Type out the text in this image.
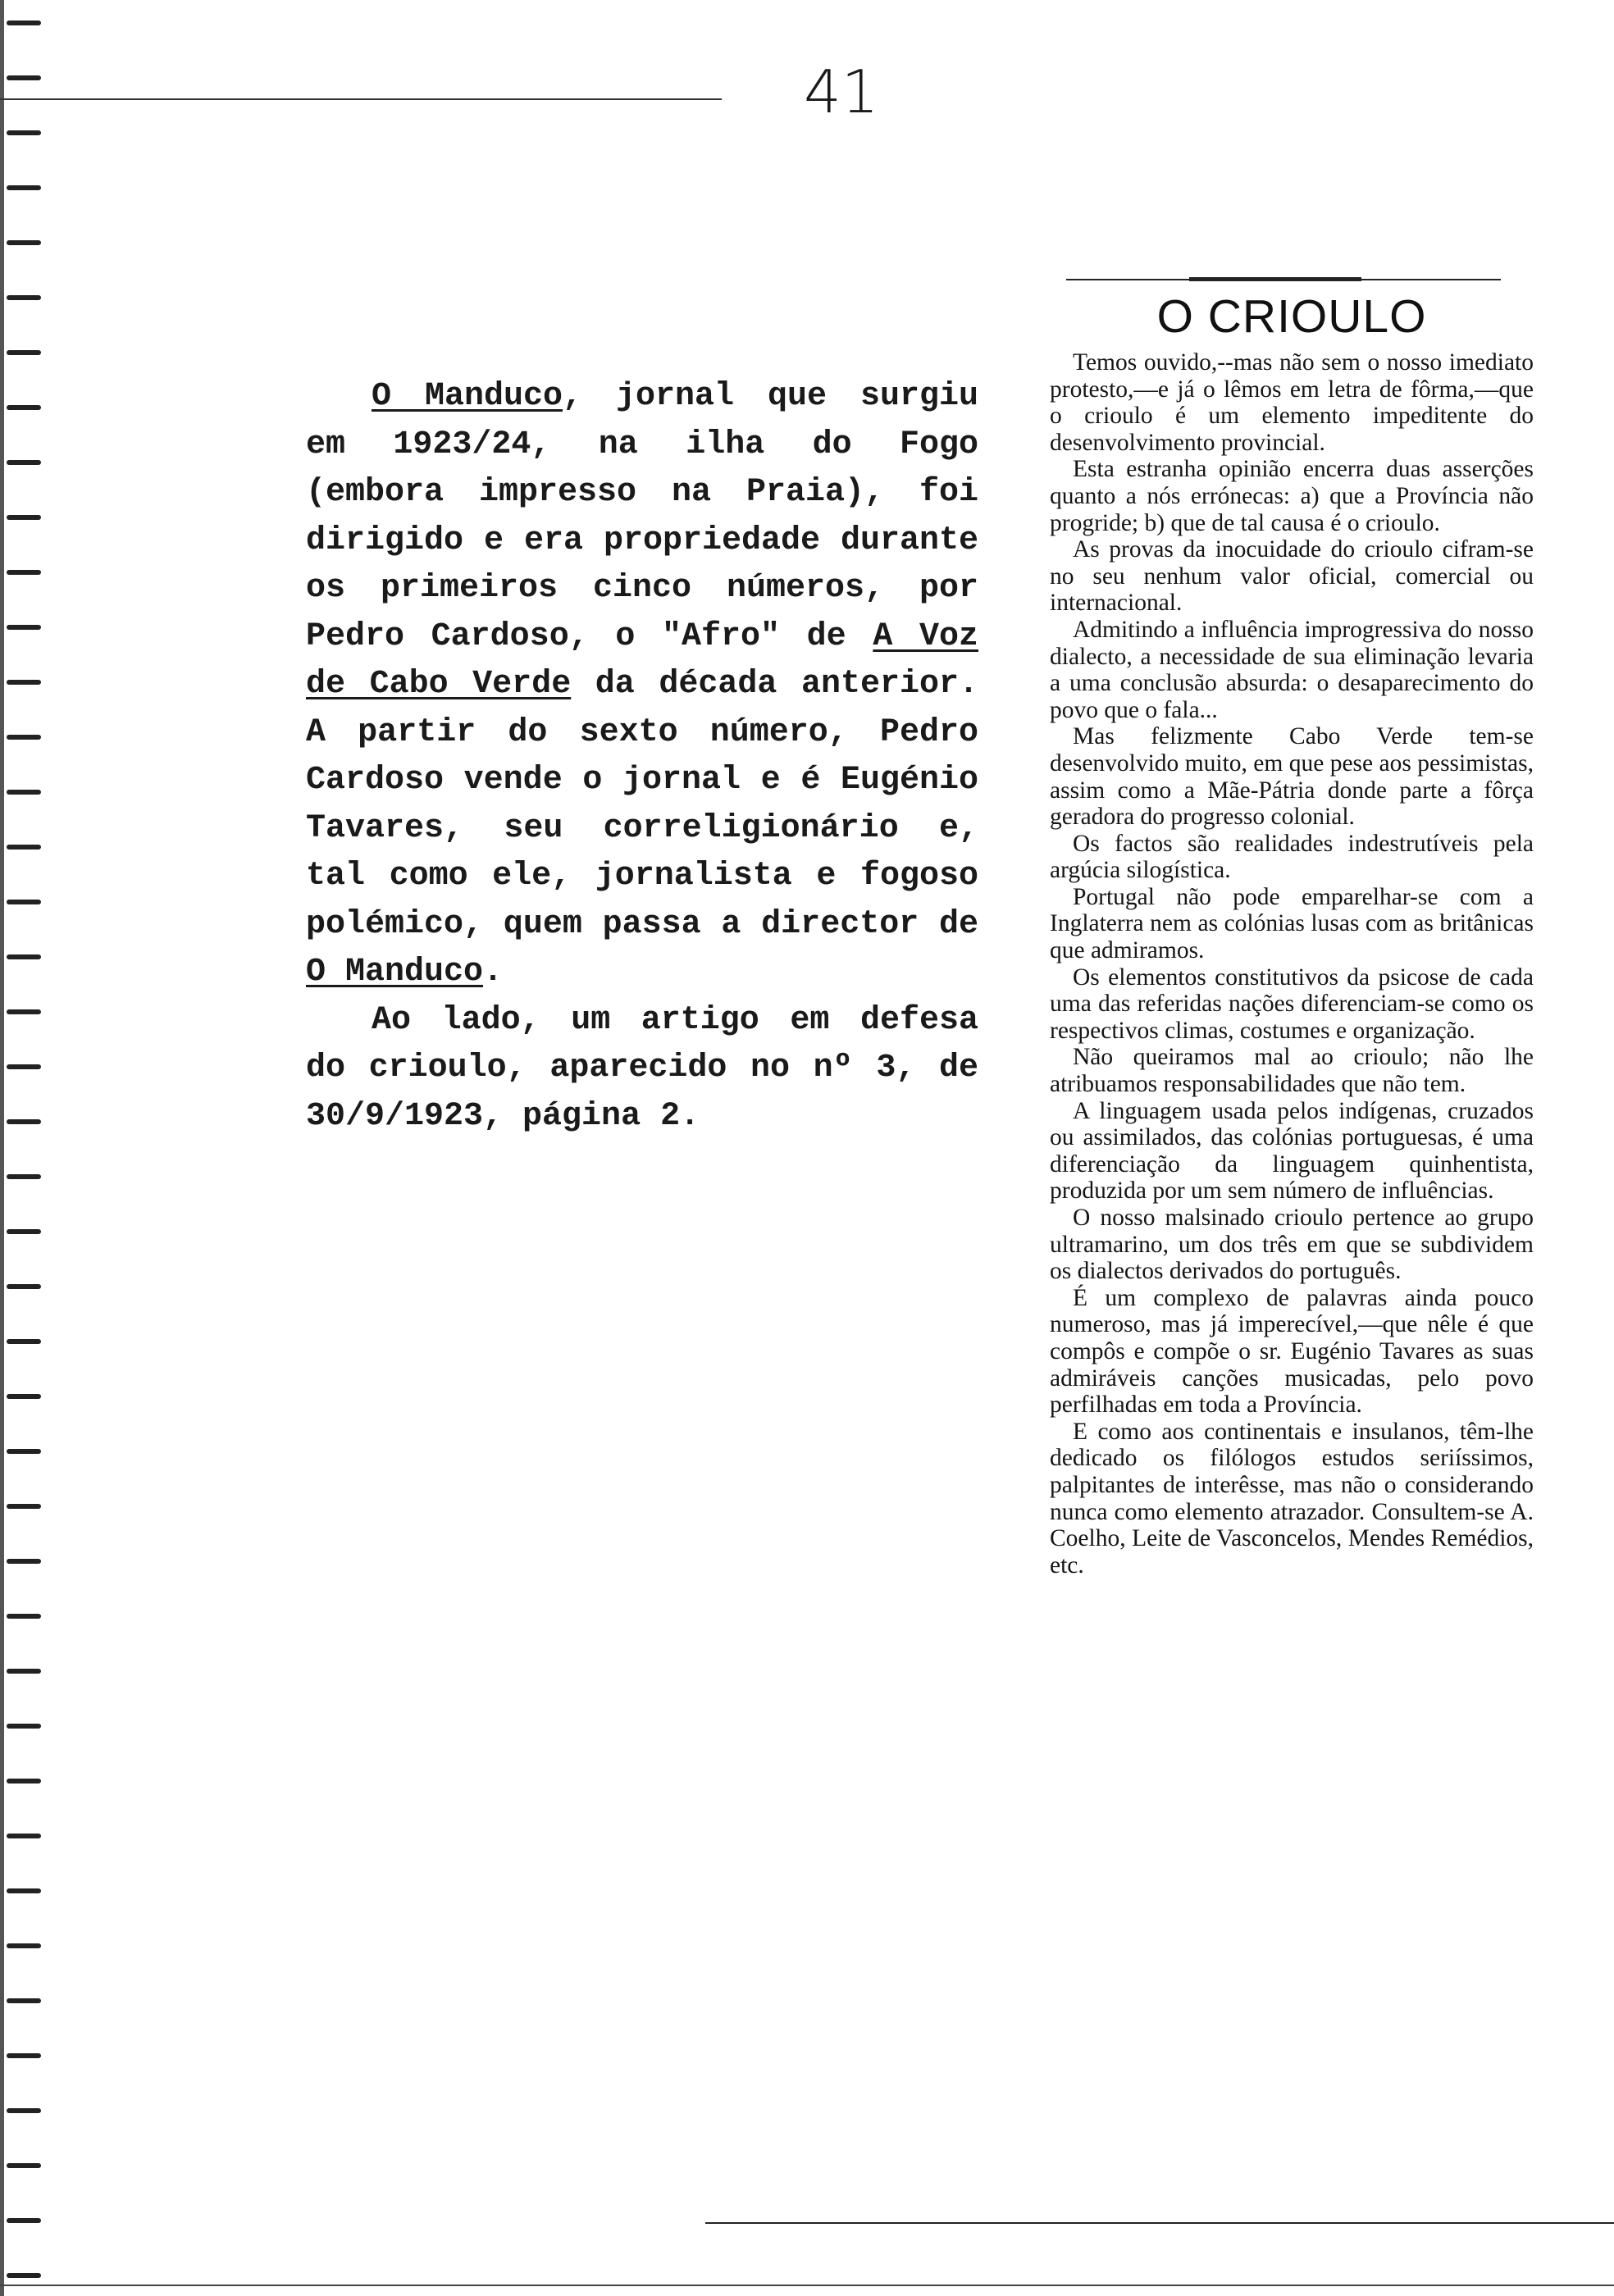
41

O Manduco, jornal que surgiu em 1923/24, na ilha do Fogo (embora impresso na Praia), foi dirigido e era propriedade durante os primeiros cinco números, por Pedro Cardoso, o "Afro" de A Voz de Cabo Verde da década anterior. A partir do sexto número, Pedro Cardoso vende o jornal e é Eugénio Tavares, seu correligionário e, tal como ele, jornalista e fogoso polémico, quem passa a director de O Manduco.

Ao lado, um artigo em defesa do crioulo, aparecido no nº 3, de 30/9/1923, página 2.

O CRIOULO

Temos ouvido,--mas não sem o nosso imediato protesto,—e já o lêmos em letra de fôrma,—que o crioulo é um elemento impeditente do desenvolvimento provincial.

Esta estranha opinião encerra duas asserções quanto a nós errónecas: a) que a Província não progride; b) que de tal causa é o crioulo.

As provas da inocuidade do crioulo cifram-se no seu nenhum valor oficial, comercial ou internacional.

Admitindo a influência improgressiva do nosso dialecto, a necessidade de sua eliminação levaria a uma conclusão absurda: o desaparecimento do povo que o fala...

Mas felizmente Cabo Verde tem-se desenvolvido muito, em que pese aos pessimistas, assim como a Mãe-Pátria donde parte a fôrça geradora do progresso colonial.

Os factos são realidades indestrutíveis pela argúcia silogística.

Portugal não pode emparelhar-se com a Inglaterra nem as colónias lusas com as britânicas que admiramos.

Os elementos constitutivos da psicose de cada uma das referidas nações diferenciam-se como os respectivos climas, costumes e organização.

Não queiramos mal ao crioulo; não lhe atribuamos responsabilidades que não tem.

A linguagem usada pelos indígenas, cruzados ou assimilados, das colónias portuguesas, é uma diferenciação da linguagem quinhentista, produzida por um sem número de influências.

O nosso malsinado crioulo pertence ao grupo ultramarino, um dos três em que se subdividem os dialectos derivados do português.

É um complexo de palavras ainda pouco numeroso, mas já imperecível,—que nêle é que compôs e compõe o sr. Eugénio Tavares as suas admiráveis canções musicadas, pelo povo perfilhadas em toda a Província.

E como aos continentais e insulanos, têm-lhe dedicado os filólogos estudos seriíssimos, palpitantes de interêsse, mas não o considerando nunca como elemento atrazador. Consultem-se A. Coelho, Leite de Vasconcelos, Mendes Remédios, etc.
